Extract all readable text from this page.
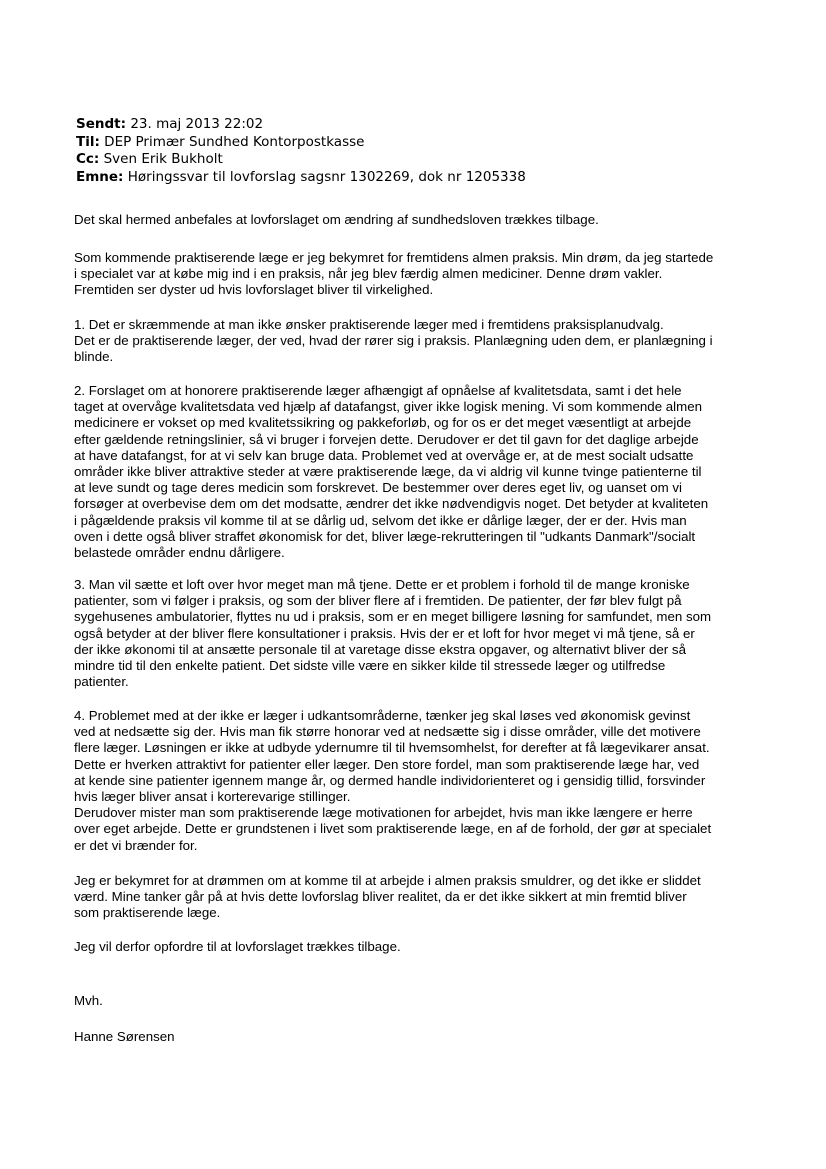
Sendt: 23. maj 2013 22:02
Til: DEP Primær Sundhed Kontorpostkasse
Cc: Sven Erik Bukholt
Emne: Høringssvar til lovforslag sagsnr 1302269, dok nr 1205338
Det skal hermed anbefales at lovforslaget om ændring af sundhedsloven trækkes tilbage.
Som kommende praktiserende læge er jeg bekymret for fremtidens almen praksis. Min drøm, da jeg startede
i specialet var at købe mig ind i en praksis, når jeg blev færdig almen mediciner. Denne drøm vakler.
Fremtiden ser dyster ud hvis lovforslaget bliver til virkelighed.
1. Det er skræmmende at man ikke ønsker praktiserende læger med i fremtidens praksisplanudvalg.
Det er de praktiserende læger, der ved, hvad der rører sig i praksis. Planlægning uden dem, er planlægning i
blinde.
2. Forslaget om at honorere praktiserende læger afhængigt af opnåelse af kvalitetsdata, samt i det hele
taget at overvåge kvalitetsdata ved hjælp af datafangst, giver ikke logisk mening. Vi som kommende almen
medicinere er vokset op med kvalitetssikring og pakkeforløb, og for os er det meget væsentligt at arbejde
efter gældende retningslinier, så vi bruger i forvejen dette. Derudover er det til gavn for det daglige arbejde
at have datafangst, for at vi selv kan bruge data. Problemet ved at overvåge er, at de mest socialt udsatte
områder ikke bliver attraktive steder at være praktiserende læge, da vi aldrig vil kunne tvinge patienterne til
at leve sundt og tage deres medicin som forskrevet. De bestemmer over deres eget liv, og uanset om vi
forsøger at overbevise dem om det modsatte, ændrer det ikke nødvendigvis noget. Det betyder at kvaliteten
i pågældende praksis vil komme til at se dårlig ud, selvom det ikke er dårlige læger, der er der. Hvis man
oven i dette også bliver straffet økonomisk for det, bliver læge-rekrutteringen til "udkants Danmark"/socialt
belastede områder endnu dårligere.
3. Man vil sætte et loft over hvor meget man må tjene. Dette er et problem i forhold til de mange kroniske
patienter, som vi følger i praksis, og som der bliver flere af i fremtiden. De patienter, der før blev fulgt på
sygehusenes ambulatorier, flyttes nu ud i praksis, som er en meget billigere løsning for samfundet, men som
også betyder at der bliver flere konsultationer i praksis. Hvis der er et loft for hvor meget vi må tjene, så er
der ikke økonomi til at ansætte personale til at varetage disse ekstra opgaver, og alternativt bliver der så
mindre tid til den enkelte patient. Det sidste ville være en sikker kilde til stressede læger og utilfredse
patienter.
4. Problemet med at der ikke er læger i udkantsområderne, tænker jeg skal løses ved økonomisk gevinst
ved at nedsætte sig der. Hvis man fik større honorar ved at nedsætte sig i disse områder, ville det motivere
flere læger. Løsningen er ikke at udbyde ydernumre til til hvemsomhelst, for derefter at få lægevikarer ansat.
Dette er hverken attraktivt for patienter eller læger. Den store fordel, man som praktiserende læge har, ved
at kende sine patienter igennem mange år, og dermed handle individorienteret og i gensidig tillid, forsvinder
hvis læger bliver ansat i korterevarige stillinger.
Derudover mister man som praktiserende læge motivationen for arbejdet, hvis man ikke længere er herre
over eget arbejde. Dette er grundstenen i livet som praktiserende læge, en af de forhold, der gør at specialet
er det vi brænder for.
Jeg er bekymret for at drømmen om at komme til at arbejde i almen praksis smuldrer, og det ikke er sliddet
værd. Mine tanker går på at hvis dette lovforslag bliver realitet, da er det ikke sikkert at min fremtid bliver
som praktiserende læge.
Jeg vil derfor opfordre til at lovforslaget trækkes tilbage.
Mvh.
Hanne Sørensen
